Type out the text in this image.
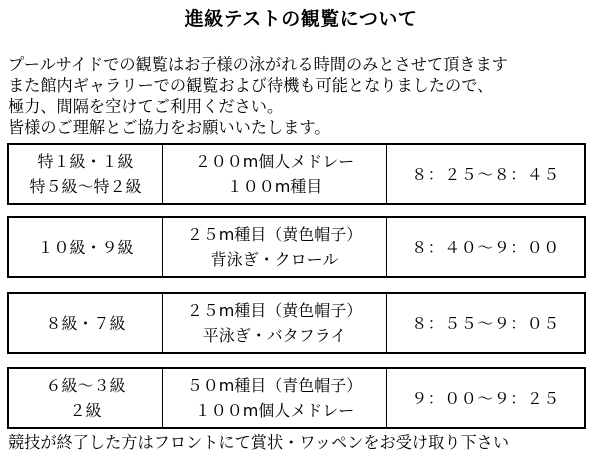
進級テストの観覧について
プールサイドでの観覧はお子様の泳がれる時間のみとさせて頂きます
また館内ギャラリーでの観覧および待機も可能となりましたので、
極力、間隔を空けてご利用ください。
皆様のご理解とご協力をお願いいたします。
特１級・１級
特５級～特２級
２００m個人メドレー
１００m種目
８：２５～８：４５
１０級・９級
２５m種目（黄色帽子）
背泳ぎ・クロール
８：４０～９：００
８級・７級
２５m種目（黄色帽子）
平泳ぎ・バタフライ
８：５５～９：０５
６級～３級
２級
５０m種目（青色帽子）
１００m個人メドレー
９：００～９：２５
競技が終了した方はフロントにて賞状・ワッペンをお受け取り下さい
